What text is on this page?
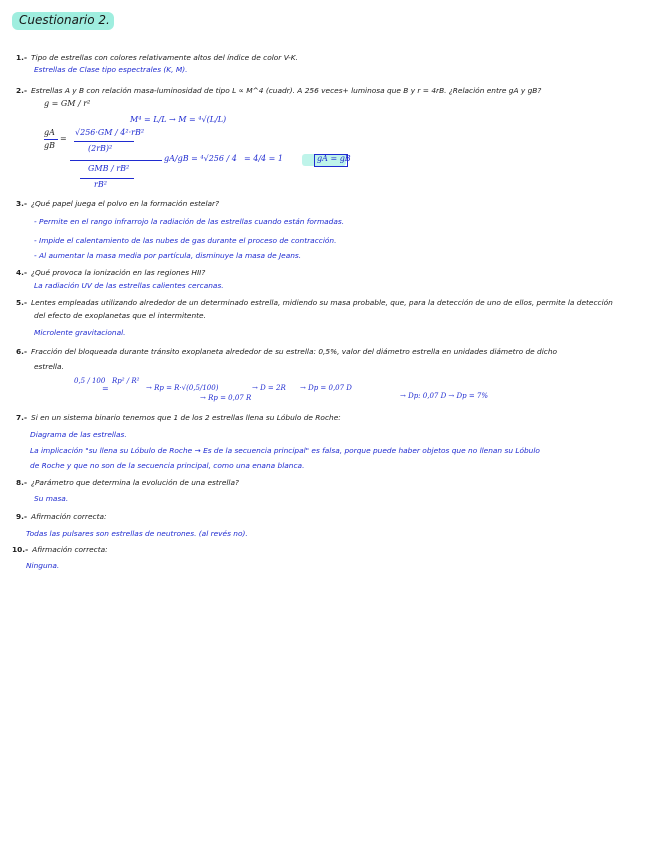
Cuestionario 2.
1.- Tipo de estrellas con colores relativamente altos del índice de color V-K.
Estrellas de Clase tipo espectrales (K, M).
2.- Estrellas A y B con relación masa-luminosidad de tipo L ∝ M^4 (cuadr). A 256 veces+ luminosa que B y r = 4rB. ¿Relación entre gA y gB?
g = GM / r²
M⁴ = L/L → M = ⁴√(L/L)
gA
gB
=
√256·GM / 4²·rB²
(2rB)²
GMB / rB²
rB²
gA/gB = ⁴√256 / 4 = 4/4 = 1	gA = gB
3.- ¿Qué papel juega el polvo en la formación estelar?
- Permite en el rango infrarrojo la radiación de las estrellas cuando están formadas.
- Impide el calentamiento de las nubes de gas durante el proceso de contracción.
- Al aumentar la masa media por partícula, disminuye la masa de Jeans.
4.- ¿Qué provoca la ionización en las regiones HII?
La radiación UV de las estrellas calientes cercanas.
5.- Lentes empleadas utilizando alrededor de un determinado estrella, midiendo su masa probable, que, para la detección de uno de ellos, permite la detección
del efecto de exoplanetas que el intermitente.
Microlente gravitacional.
6.- Fracción del bloqueada durante tránsito exoplaneta alrededor de su estrella: 0,5%, valor del diámetro estrella en unidades diámetro de dicho
estrella.
0,5 / 100
=
Rp² / R²
→ Rp = R·√(0,5/100)	→ D = 2R → Dp = 0,07 D
→ Dp: 0,07 D → Dp = 7%
→ Rp = 0,07 R
7.- Si en un sistema binario tenemos que 1 de los 2 estrellas llena su Lóbulo de Roche:
Diagrama de las estrellas.
La implicación "su llena su Lóbulo de Roche → Es de la secuencia principal" es falsa, porque puede haber objetos que no llenan su Lóbulo
de Roche y que no son de la secuencia principal, como una enana blanca.
8.- ¿Parámetro que determina la evolución de una estrella?
Su masa.
9.- Afirmación correcta:
Todas las pulsares son estrellas de neutrones. (al revés no).
10.- Afirmación correcta:
Ninguna.
